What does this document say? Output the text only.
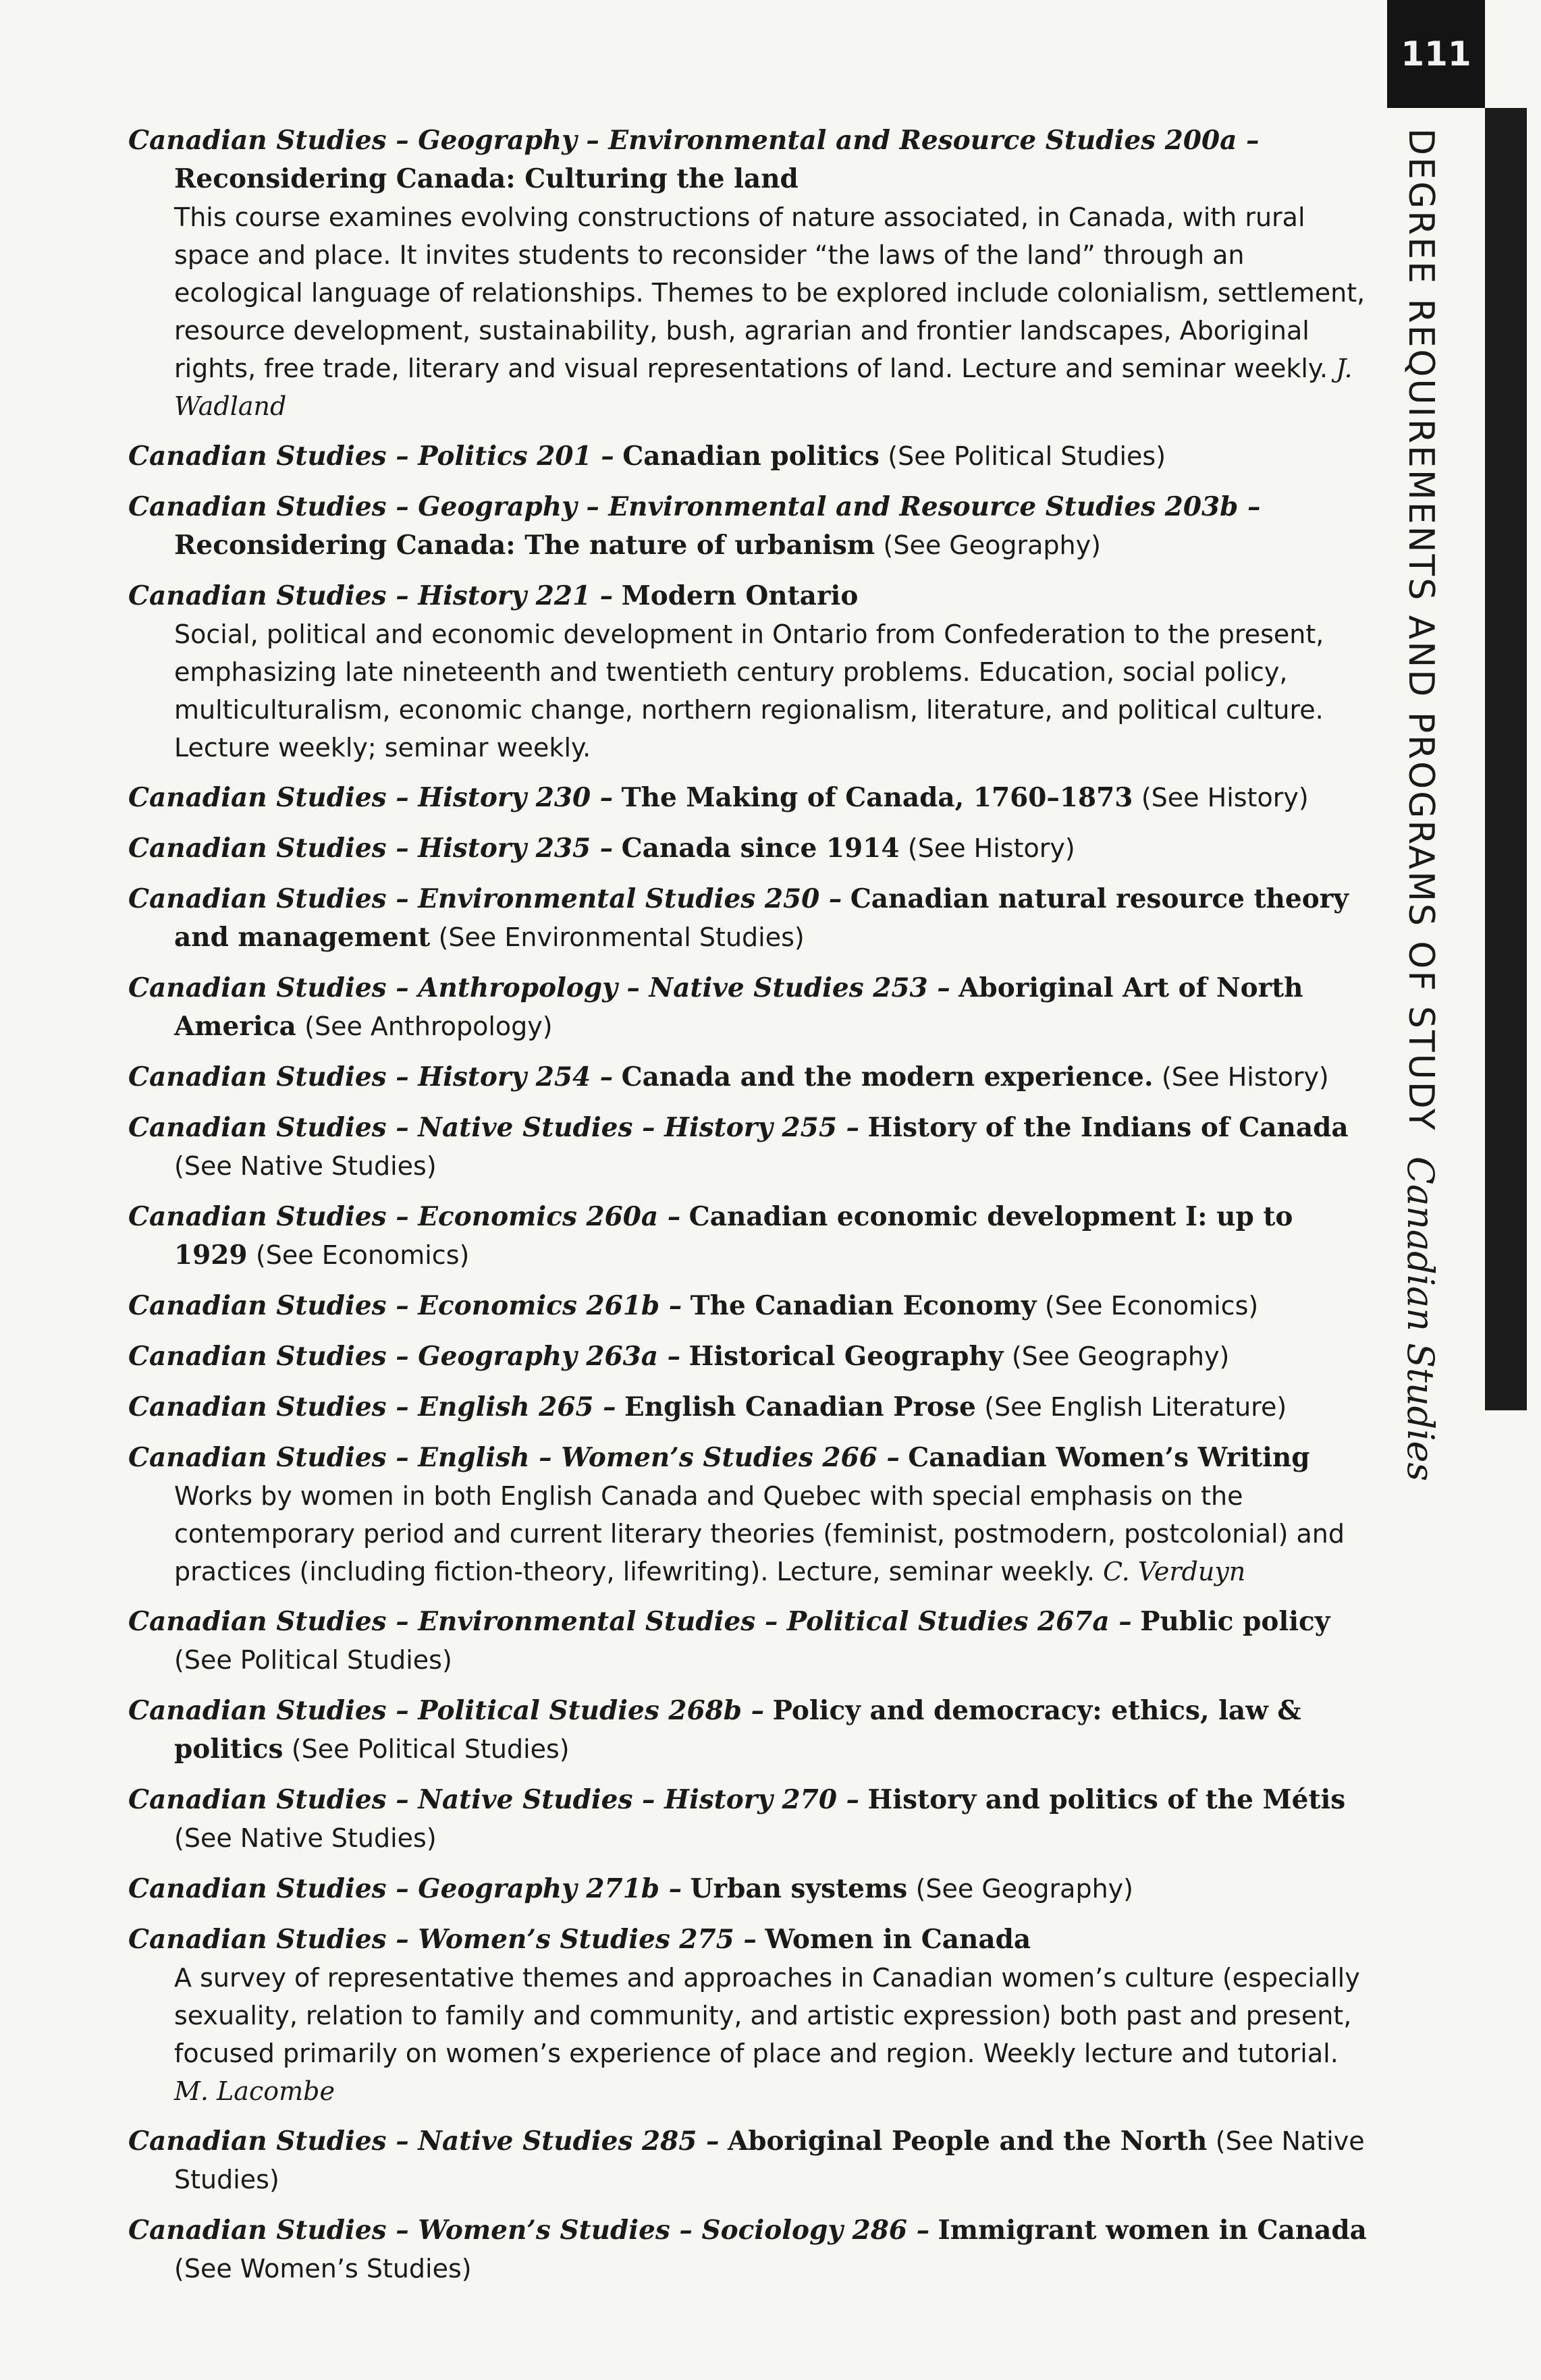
111
DEGREE REQUIREMENTS AND PROGRAMS OF STUDY
Canadian Studies

Canadian Studies – Geography – Environmental and Resource Studies 200a – Reconsidering Canada: Culturing the land

This course examines evolving constructions of nature associated, in Canada, with rural space and place. It invites students to reconsider “the laws of the land” through an ecological language of relationships. Themes to be explored include colonialism, settlement, resource development, sustainability, bush, agrarian and frontier landscapes, Aboriginal rights, free trade, literary and visual representations of land. Lecture and seminar weekly. J. Wadland

Canadian Studies – Politics 201 – Canadian politics (See Political Studies)

Canadian Studies – Geography – Environmental and Resource Studies 203b – Reconsidering Canada: The nature of urbanism (See Geography)

Canadian Studies – History 221 – Modern Ontario

Social, political and economic development in Ontario from Confederation to the present, emphasizing late nineteenth and twentieth century problems. Education, social policy, multiculturalism, economic change, northern regionalism, literature, and political culture. Lecture weekly; seminar weekly.

Canadian Studies – History 230 – The Making of Canada, 1760–1873 (See History)

Canadian Studies – History 235 – Canada since 1914 (See History)

Canadian Studies – Environmental Studies 250 – Canadian natural resource theory and management (See Environmental Studies)

Canadian Studies – Anthropology – Native Studies 253 – Aboriginal Art of North America (See Anthropology)

Canadian Studies – History 254 – Canada and the modern experience. (See History)

Canadian Studies – Native Studies – History 255 – History of the Indians of Canada (See Native Studies)

Canadian Studies – Economics 260a – Canadian economic development I: up to 1929 (See Economics)

Canadian Studies – Economics 261b – The Canadian Economy (See Economics)

Canadian Studies – Geography 263a – Historical Geography (See Geography)

Canadian Studies – English 265 – English Canadian Prose (See English Literature)

Canadian Studies – English – Women’s Studies 266 – Canadian Women’s Writing

Works by women in both English Canada and Quebec with special emphasis on the contemporary period and current literary theories (feminist, postmodern, postcolonial) and practices (including fiction-theory, lifewriting). Lecture, seminar weekly. C. Verduyn

Canadian Studies – Environmental Studies – Political Studies 267a – Public policy (See Political Studies)

Canadian Studies – Political Studies 268b – Policy and democracy: ethics, law & politics (See Political Studies)

Canadian Studies – Native Studies – History 270 – History and politics of the Métis (See Native Studies)

Canadian Studies – Geography 271b – Urban systems (See Geography)

Canadian Studies – Women’s Studies 275 – Women in Canada

A survey of representative themes and approaches in Canadian women’s culture (especially sexuality, relation to family and community, and artistic expression) both past and present, focused primarily on women’s experience of place and region. Weekly lecture and tutorial. M. Lacombe

Canadian Studies – Native Studies 285 – Aboriginal People and the North (See Native Studies)

Canadian Studies – Women’s Studies – Sociology 286 – Immigrant women in Canada (See Women’s Studies)
